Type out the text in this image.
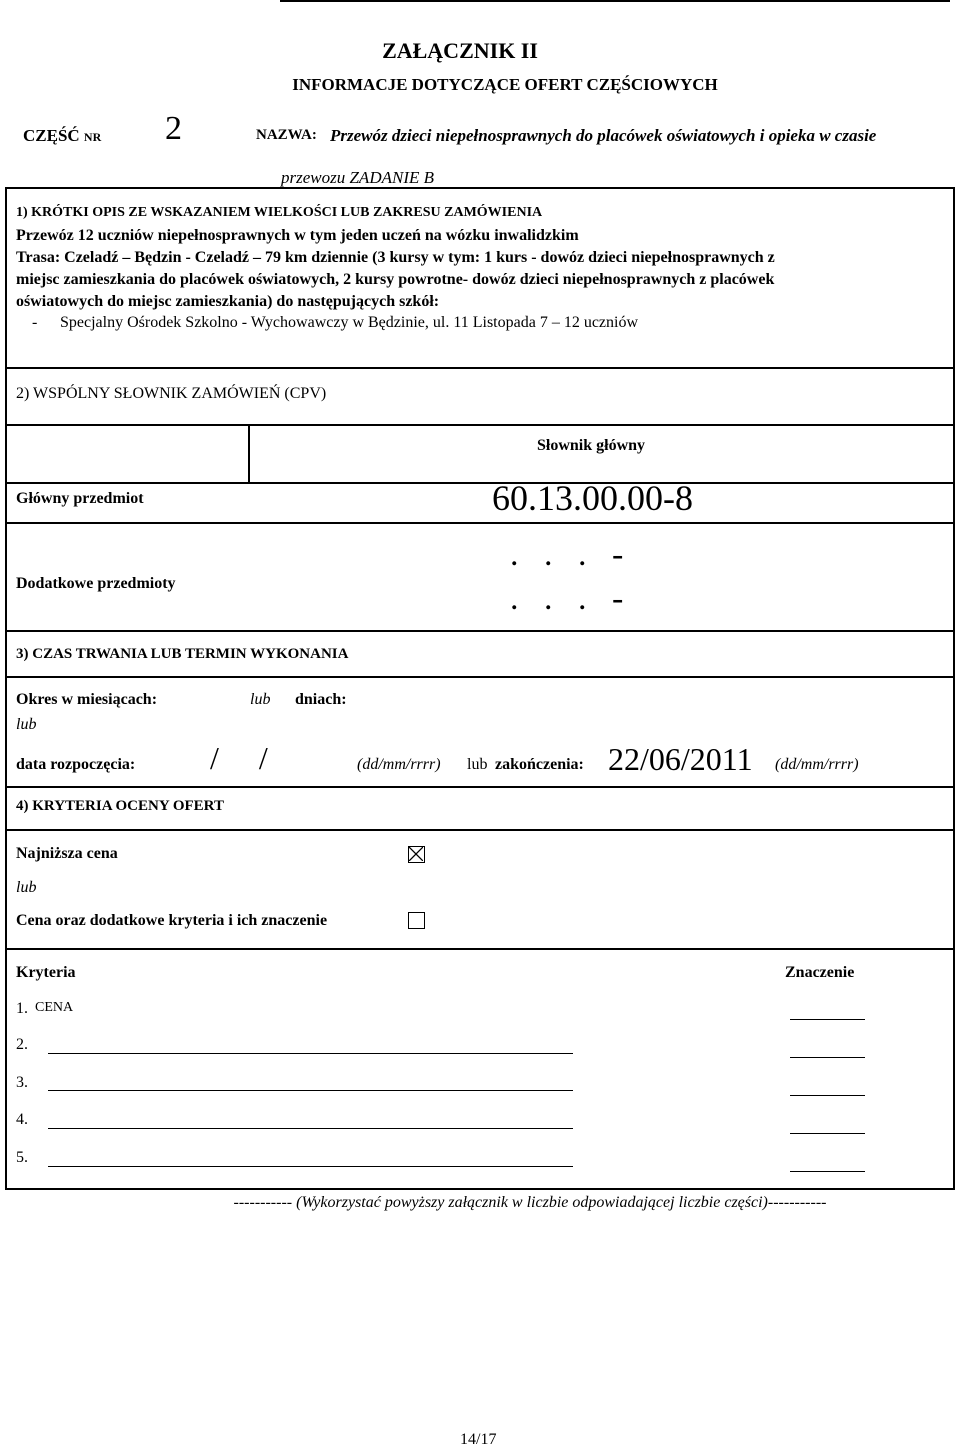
ZAŁĄCZNIK II
INFORMACJE DOTYCZĄCE OFERT CZĘŚCIOWYCH
CZĘŚĆ nr 2	NAZWA: Przewóz dzieci niepełnosprawnych do placówek oświatowych i opieka w czasie
przewozu ZADANIE B
1) KRÓTKI OPIS ZE WSKAZANIEM WIELKOŚCI LUB ZAKRESU ZAMÓWIENIA
Przewóz 12 uczniów niepełnosprawnych w tym jeden uczeń na wózku inwalidzkim
Trasa: Czeladź – Będzin - Czeladź – 79 km dziennie (3 kursy w tym: 1 kurs - dowóz dzieci niepełnosprawnych z
miejsc zamieszkania do placówek oświatowych, 2 kursy powrotne- dowóz dzieci niepełnosprawnych z placówek
oświatowych do miejsc zamieszkania) do następujących szkół:
- Specjalny Ośrodek Szkolno - Wychowawczy w Będzinie, ul. 11 Listopada 7 – 12 uczniów
2) WSPÓLNY SŁOWNIK ZAMÓWIEŃ (CPV)
Słownik główny
Główny przedmiot	60.13.00.00-8
Dodatkowe przedmioty
.   .   .   -
.   .   .   -
3) CZAS TRWANIA LUB TERMIN WYKONANIA
Okres w miesiącach:	lub dniach:
lub
data rozpoczęcia: /     /	(dd/mm/rrrr) lub zakończenia: 22/06/2011 (dd/mm/rrrr)
4) KRYTERIA OCENY OFERT
Najniższa cena
lub
Cena oraz dodatkowe kryteria i ich znaczenie
Kryteria	Znaczenie
1. CENA
2.
3.
4.
5.
----------- (Wykorzystać powyższy załącznik w liczbie odpowiadającej liczbie części)-----------
14/17
